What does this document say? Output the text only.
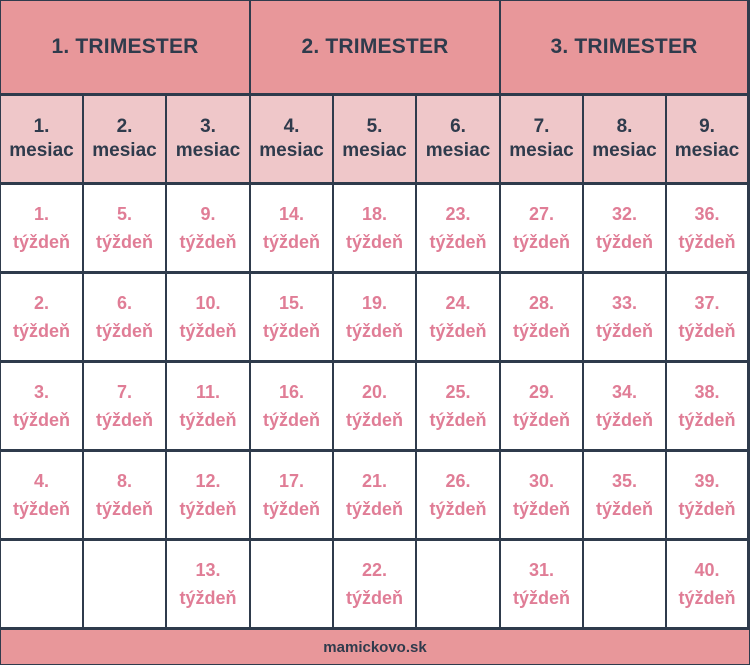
1. TRIMESTER	2. TRIMESTER	3. TRIMESTER
1.
mesiac
2.
mesiac
3.
mesiac
4.
mesiac
5.
mesiac
6.
mesiac
7.
mesiac
8.
mesiac
9.
mesiac
1.
týždeň
5.
týždeň
9.
týždeň
14.
týždeň
18.
týždeň
23.
týždeň
27.
týždeň
32.
týždeň
36.
týždeň
2.
týždeň
6.
týždeň
10.
týždeň
15.
týždeň
19.
týždeň
24.
týždeň
28.
týždeň
33.
týždeň
37.
týždeň
3.
týždeň
7.
týždeň
11.
týždeň
16.
týždeň
20.
týždeň
25.
týždeň
29.
týždeň
34.
týždeň
38.
týždeň
4.
týždeň
8.
týždeň
12.
týždeň
17.
týždeň
21.
týždeň
26.
týždeň
30.
týždeň
35.
týždeň
39.
týždeň
13.
týždeň
22.
týždeň
31.
týždeň
40.
týždeň
mamickovo.sk
